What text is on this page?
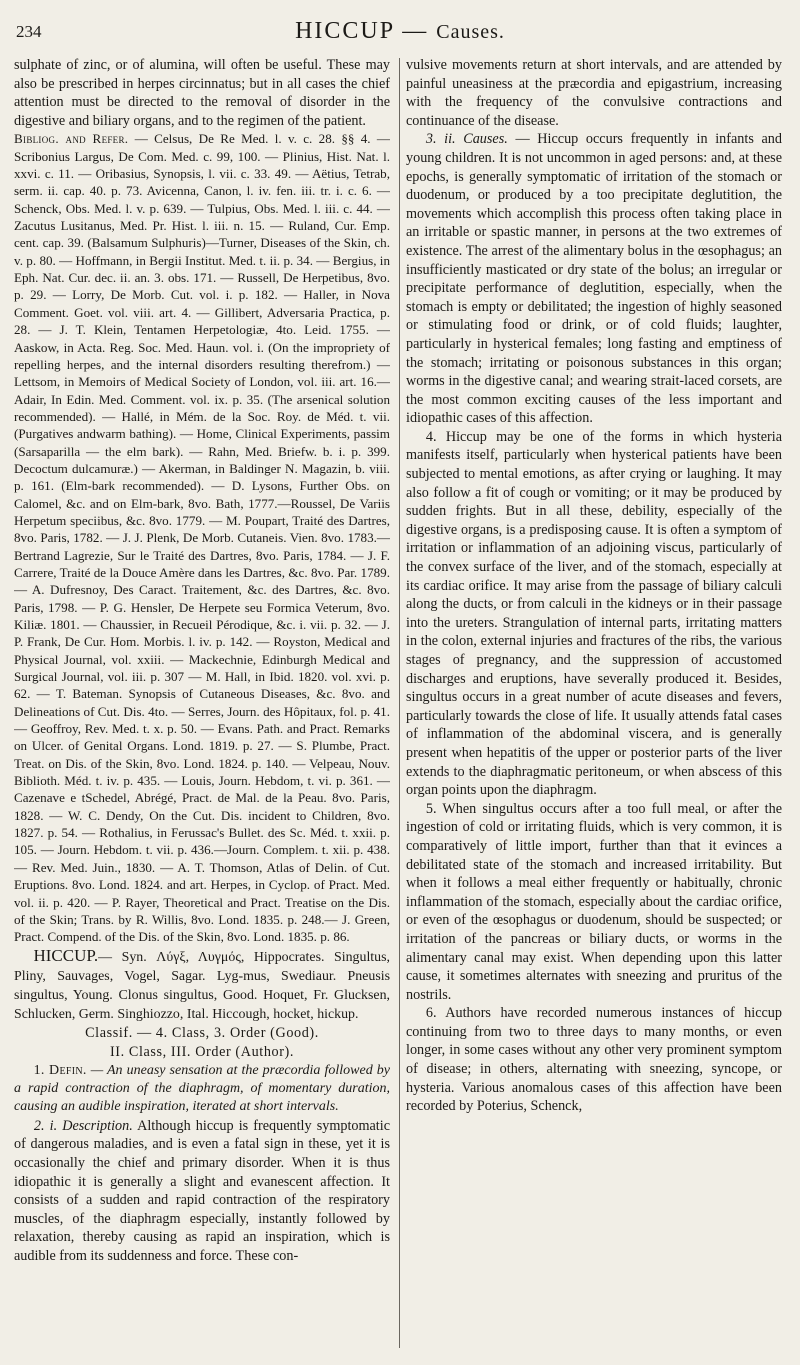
234	HICCUP — Causes.

sulphate of zinc, or of alumina, will often be useful. These may also be prescribed in herpes circinnatus; but in all cases the chief attention must be directed to the removal of disorder in the digestive and biliary organs, and to the regimen of the patient.

Bibliog. and Refer. — Celsus, De Re Med. l. v. c. 28. §§ 4. — Scribonius Largus, De Com. Med. c. 99, 100. — Plinius, Hist. Nat. l. xxvi. c. 11. — Oribasius, Synopsis, l. vii. c. 33. 49. — Aëtius, Tetrab, serm. ii. cap. 40. p. 73. Avicenna, Canon, l. iv. fen. iii. tr. i. c. 6. — Schenck, Obs. Med. l. v. p. 639. — Tulpius, Obs. Med. l. iii. c. 44. — Zacutus Lusitanus, Med. Pr. Hist. l. iii. n. 15. — Ruland, Cur. Emp. cent. cap. 39. (Balsamum Sulphuris)—Turner, Diseases of the Skin, ch. v. p. 80. — Hoffmann, in Bergii Institut. Med. t. ii. p. 34. — Bergius, in Eph. Nat. Cur. dec. ii. an. 3. obs. 171. — Russell, De Herpetibus, 8vo. p. 29. — Lorry, De Morb. Cut. vol. i. p. 182. — Haller, in Nova Comment. Goet. vol. viii. art. 4. — Gillibert, Adversaria Practica, p. 28. — J. T. Klein, Tentamen Herpetologiæ, 4to. Leid. 1755. — Aaskow, in Acta. Reg. Soc. Med. Haun. vol. i. (On the impropriety of repelling herpes, and the internal disorders resulting therefrom.) — Lettsom, in Memoirs of Medical Society of London, vol. iii. art. 16.— Adair, In Edin. Med. Comment. vol. ix. p. 35. (The arsenical solution recommended). — Hallé, in Mém. de la Soc. Roy. de Méd. t. vii. (Purgatives andwarm bathing). — Home, Clinical Experiments, passim (Sarsaparilla — the elm bark). — Rahn, Med. Briefw. b. i. p. 399. Decoctum dulcamuræ.) — Akerman, in Baldinger N. Magazin, b. viii. p. 161. (Elm-bark recommended). — D. Lysons, Further Obs. on Calomel, &c. and on Elm-bark, 8vo. Bath, 1777.—Roussel, De Variis Herpetum speciibus, &c. 8vo. 1779. — M. Poupart, Traité des Dartres, 8vo. Paris, 1782. — J. J. Plenk, De Morb. Cutaneis. Vien. 8vo. 1783.— Bertrand Lagrezie, Sur le Traité des Dartres, 8vo. Paris, 1784. — J. F. Carrere, Traité de la Douce Amère dans les Dartres, &c. 8vo. Par. 1789. — A. Dufresnoy, Des Caract. Traitement, &c. des Dartres, &c. 8vo. Paris, 1798. — P. G. Hensler, De Herpete seu Formica Veterum, 8vo. Kiliæ. 1801. — Chaussier, in Recueil Pérodique, &c. i. vii. p. 32. — J. P. Frank, De Cur. Hom. Morbis. l. iv. p. 142. — Royston, Medical and Physical Journal, vol. xxiii. — Mackechnie, Edinburgh Medical and Surgical Journal, vol. iii. p. 307 — M. Hall, in Ibid. 1820. vol. xvi. p. 62. — T. Bateman. Synopsis of Cutaneous Diseases, &c. 8vo. and Delineations of Cut. Dis. 4to. — Serres, Journ. des Hôpitaux, fol. p. 41. — Geoffroy, Rev. Med. t. x. p. 50. — Evans. Path. and Pract. Remarks on Ulcer. of Genital Organs. Lond. 1819. p. 27. — S. Plumbe, Pract. Treat. on Dis. of the Skin, 8vo. Lond. 1824. p. 140. — Velpeau, Nouv. Biblioth. Méd. t. iv. p. 435. — Louis, Journ. Hebdom, t. vi. p. 361. — Cazenave e tSchedel, Abrégé, Pract. de Mal. de la Peau. 8vo. Paris, 1828. — W. C. Dendy, On the Cut. Dis. incident to Children, 8vo. 1827. p. 54. — Rothalius, in Ferussac's Bullet. des Sc. Méd. t. xxii. p. 105. — Journ. Hebdom. t. vii. p. 436.—Journ. Complem. t. xii. p. 438. — Rev. Med. Juin., 1830. — A. T. Thomson, Atlas of Delin. of Cut. Eruptions. 8vo. Lond. 1824. and art. Herpes, in Cyclop. of Pract. Med. vol. ii. p. 420. — P. Rayer, Theoretical and Pract. Treatise on the Dis. of the Skin; Trans. by R. Willis, 8vo. Lond. 1835. p. 248.— J. Green, Pract. Compend. of the Dis. of the Skin, 8vo. Lond. 1835. p. 86.

HICCUP.— Syn. Λύγξ, Λυγμός, Hippocrates. Singultus, Pliny, Sauvages, Vogel, Sagar. Lyg-mus, Swediaur. Pneusis singultus, Young. Clonus singultus, Good. Hoquet, Fr. Glucksen, Schlucken, Germ. Singhiozzo, Ital. Hiccough, hocket, hickup.

Classif. — 4. Class, 3. Order (Good).

II. Class, III. Order (Author).

1. Defin. — An uneasy sensation at the præcordia followed by a rapid contraction of the diaphragm, of momentary duration, causing an audible inspiration, iterated at short intervals.

2. i. Description. Although hiccup is frequently symptomatic of dangerous maladies, and is even a fatal sign in these, yet it is occasionally the chief and primary disorder. When it is thus idiopathic it is generally a slight and evanescent affection. It consists of a sudden and rapid contraction of the respiratory muscles, of the diaphragm especially, instantly followed by relaxation, thereby causing as rapid an inspiration, which is audible from its suddenness and force. These con-

vulsive movements return at short intervals, and are attended by painful uneasiness at the præcordia and epigastrium, increasing with the frequency of the convulsive contractions and continuance of the disease.

3. ii. Causes. — Hiccup occurs frequently in infants and young children. It is not uncommon in aged persons: and, at these epochs, is generally symptomatic of irritation of the stomach or duodenum, or produced by a too precipitate deglutition, the movements which accomplish this process often taking place in an irritable or spastic manner, in persons at the two extremes of existence. The arrest of the alimentary bolus in the œsophagus; an insufficiently masticated or dry state of the bolus; an irregular or precipitate performance of deglutition, especially, when the stomach is empty or debilitated; the ingestion of highly seasoned or stimulating food or drink, or of cold fluids; laughter, particularly in hysterical females; long fasting and emptiness of the stomach; irritating or poisonous substances in this organ; worms in the digestive canal; and wearing strait-laced corsets, are the most common exciting causes of the less important and idiopathic cases of this affection.

4. Hiccup may be one of the forms in which hysteria manifests itself, particularly when hysterical patients have been subjected to mental emotions, as after crying or laughing. It may also follow a fit of cough or vomiting; or it may be produced by sudden frights. But in all these, debility, especially of the digestive organs, is a predisposing cause. It is often a symptom of irritation or inflammation of an adjoining viscus, particularly of the convex surface of the liver, and of the stomach, especially at its cardiac orifice. It may arise from the passage of biliary calculi along the ducts, or from calculi in the kidneys or in their passage into the ureters. Strangulation of internal parts, irritating matters in the colon, external injuries and fractures of the ribs, the various stages of pregnancy, and the suppression of accustomed discharges and eruptions, have severally produced it. Besides, singultus occurs in a great number of acute diseases and fevers, particularly towards the close of life. It usually attends fatal cases of inflammation of the abdominal viscera, and is generally present when hepatitis of the upper or posterior parts of the liver extends to the diaphragmatic peritoneum, or when abscess of this organ points upon the diaphragm.

5. When singultus occurs after a too full meal, or after the ingestion of cold or irritating fluids, which is very common, it is comparatively of little import, further than that it evinces a debilitated state of the stomach and increased irritability. But when it follows a meal either frequently or habitually, chronic inflammation of the stomach, especially about the cardiac orifice, or even of the œsophagus or duodenum, should be suspected; or irritation of the pancreas or biliary ducts, or worms in the alimentary canal may exist. When depending upon this latter cause, it sometimes alternates with sneezing and pruritus of the nostrils.

6. Authors have recorded numerous instances of hiccup continuing from two to three days to many months, or even longer, in some cases without any other very prominent symptom of disease; in others, alternating with sneezing, syncope, or hysteria. Various anomalous cases of this affection have been recorded by Poterius, Schenck,
